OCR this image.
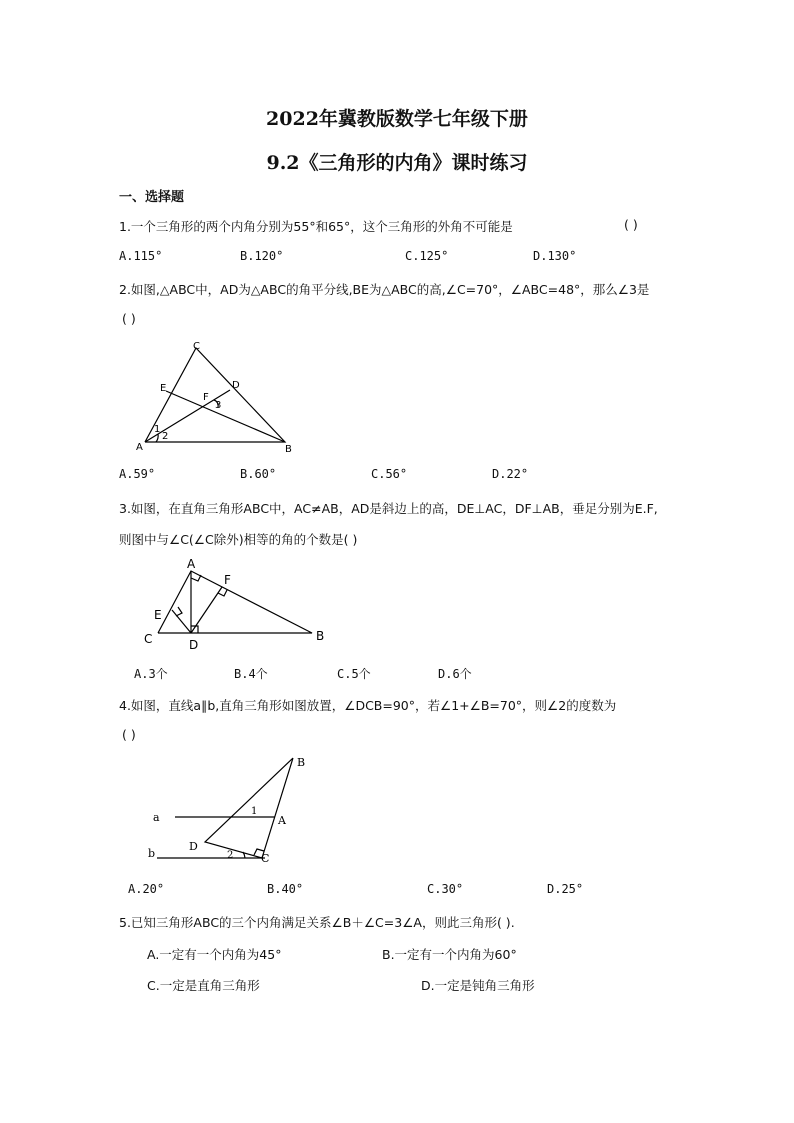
2022年冀教版数学七年级下册
9.2《三角形的内角》课时练习
一、选择题
1.一个三角形的两个内角分别为55°和65°，这个三角形的外角不可能是	( )
A.115°	B.120°	C.125°	D.130°
2.如图,△ABC中，AD为△ABC的角平分线,BE为△ABC的高,∠C=70°，∠ABC=48°，那么∠3是
( )
C
E	D
F
3
1
2
A	B
A.59°	B.60°	C.56°	D.22°
3.如图，在直角三角形ABC中，AC≠AB，AD是斜边上的高，DE⊥AC，DF⊥AB，垂足分别为E.F,
则图中与∠C(∠C除外)相等的角的个数是( )
A
F
E
C	D
B
A.3个	B.4个	C.5个	D.6个
4.如图，直线a∥b,直角三角形如图放置，∠DCB=90°，若∠1+∠B=70°，则∠2的度数为
( )
B
a	1
A
D
b	2	C
A.20°	B.40°	C.30°	D.25°
5.已知三角形ABC的三个内角满足关系∠B＋∠C=3∠A，则此三角形( ).
A.一定有一个内角为45°	B.一定有一个内角为60°
C.一定是直角三角形	D.一定是钝角三角形
